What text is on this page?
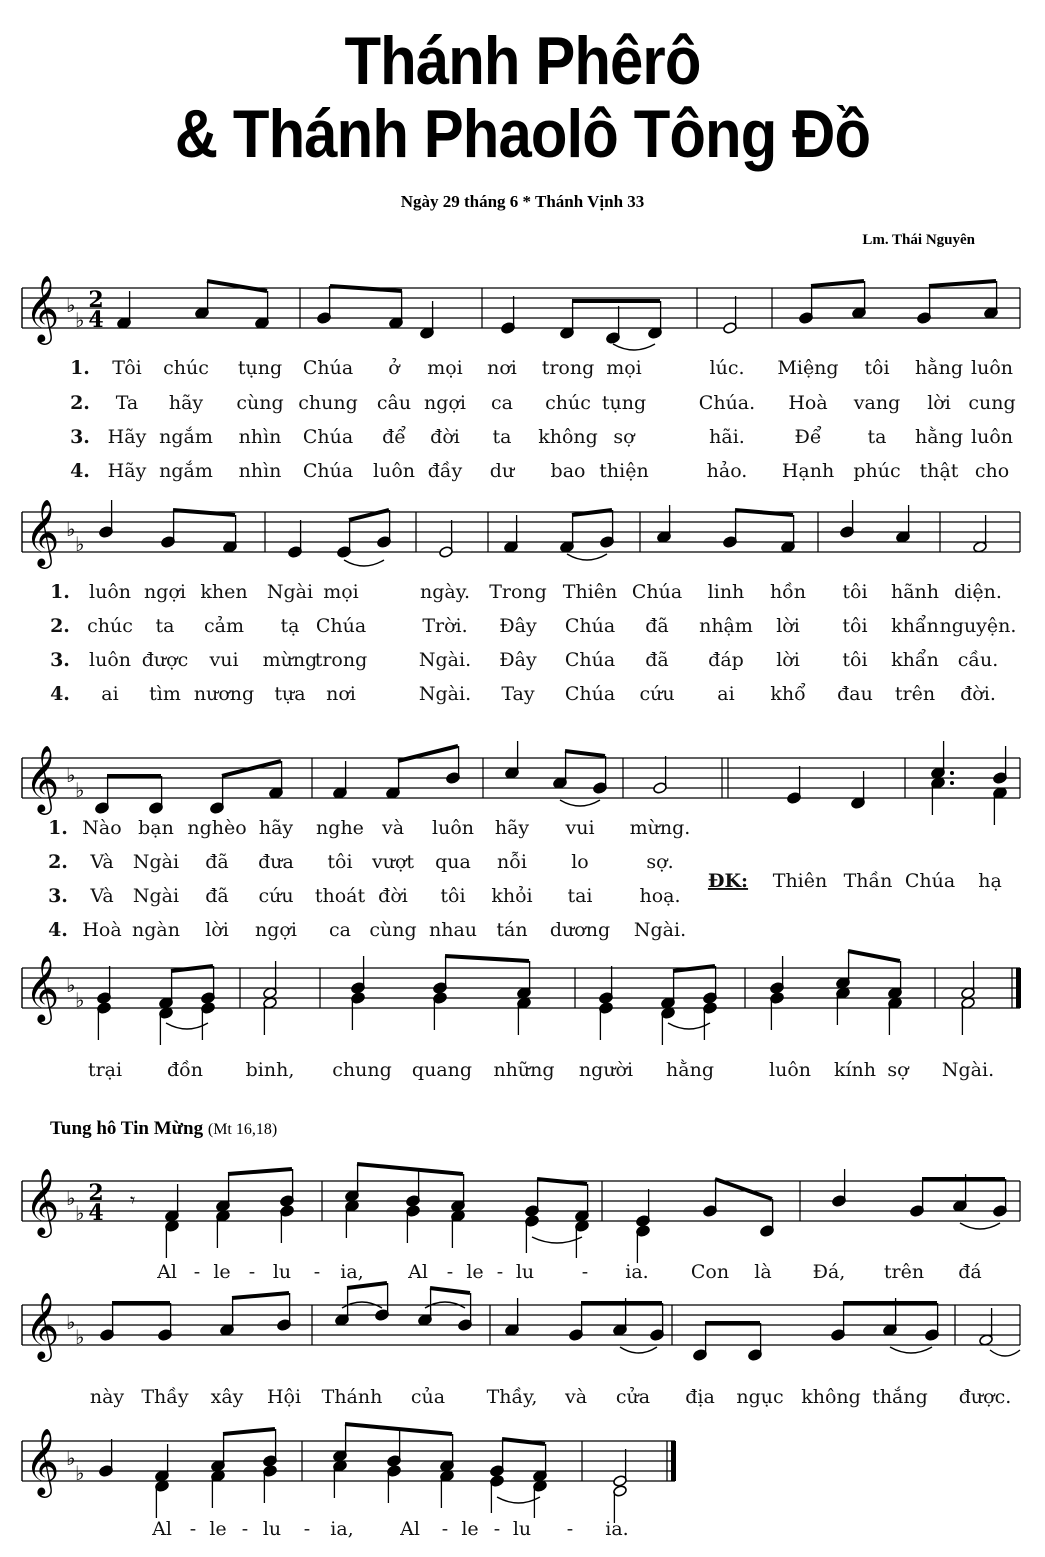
Thánh Phêrô
& Thánh Phaolô Tông Đồ
Ngày 29 tháng 6 * Thánh Vịnh 33
Lm. Thái Nguyên
Tung hô Tin Mừng (Mt 16,18)
𝄞 ♭
♭
2
4
𝄞 ♭
♭
𝄞 ♭
♭
𝄞 ♭
♭
𝄞 ♭
♭
2
4
𝄞 ♭
♭
𝄞 ♭
♭
𝄾
1. Tôi chúc tụng Chúa ở mọi nơi trong mọi	lúc. Miệng tôi hằng luôn
2. Ta hãy cùng chung câu ngợi ca chúc tụng	Chúa. Hoà vang lời cung
3. Hãy ngắm nhìn Chúa để đời ta không sợ	hãi.	Để ta hằng luôn
4. Hãy ngắm nhìn Chúa luôn đầy dư bao thiện	hảo. Hạnh phúc thật cho
1. luôn ngợi khen Ngài mọi	ngày. Trong Thiên Chúa linh hồn tôi hãnh diện.
2. chúc ta cảm tạ Chúa	Trời. Đây Chúa đã nhậm lời tôi khẩn nguyện.
3. luôn được vui mừng
trong	Ngài. Đây Chúa đã đáp lời tôi khẩn cầu.
4. ai tìm nương tựa nơi	Ngài. Tay Chúa cứu ai khổ đau trên đời.
1. Nào bạn nghèo hãy nghe và luôn hãy vui mừng.
2. Và Ngài đã đưa tôi vượt qua nỗi lo	sợ.
3. Và Ngài đã cứu thoát đời tôi khỏi tai hoạ.
4. Hoà ngàn lời ngợi ca cùng nhau tán dương Ngài.
ĐK: Thiên Thần Chúa hạ
trại đồn binh, chung quang những người hằng	luôn kính sợ Ngài.
Al - le - lu - ia, Al - le - lu	- ia. Con là Đá, trên đá
này Thầy xây Hội Thánh của Thầy, và cửa địa ngục không thắng được.
Al - le - lu - ia, Al - le - lu - ia.
